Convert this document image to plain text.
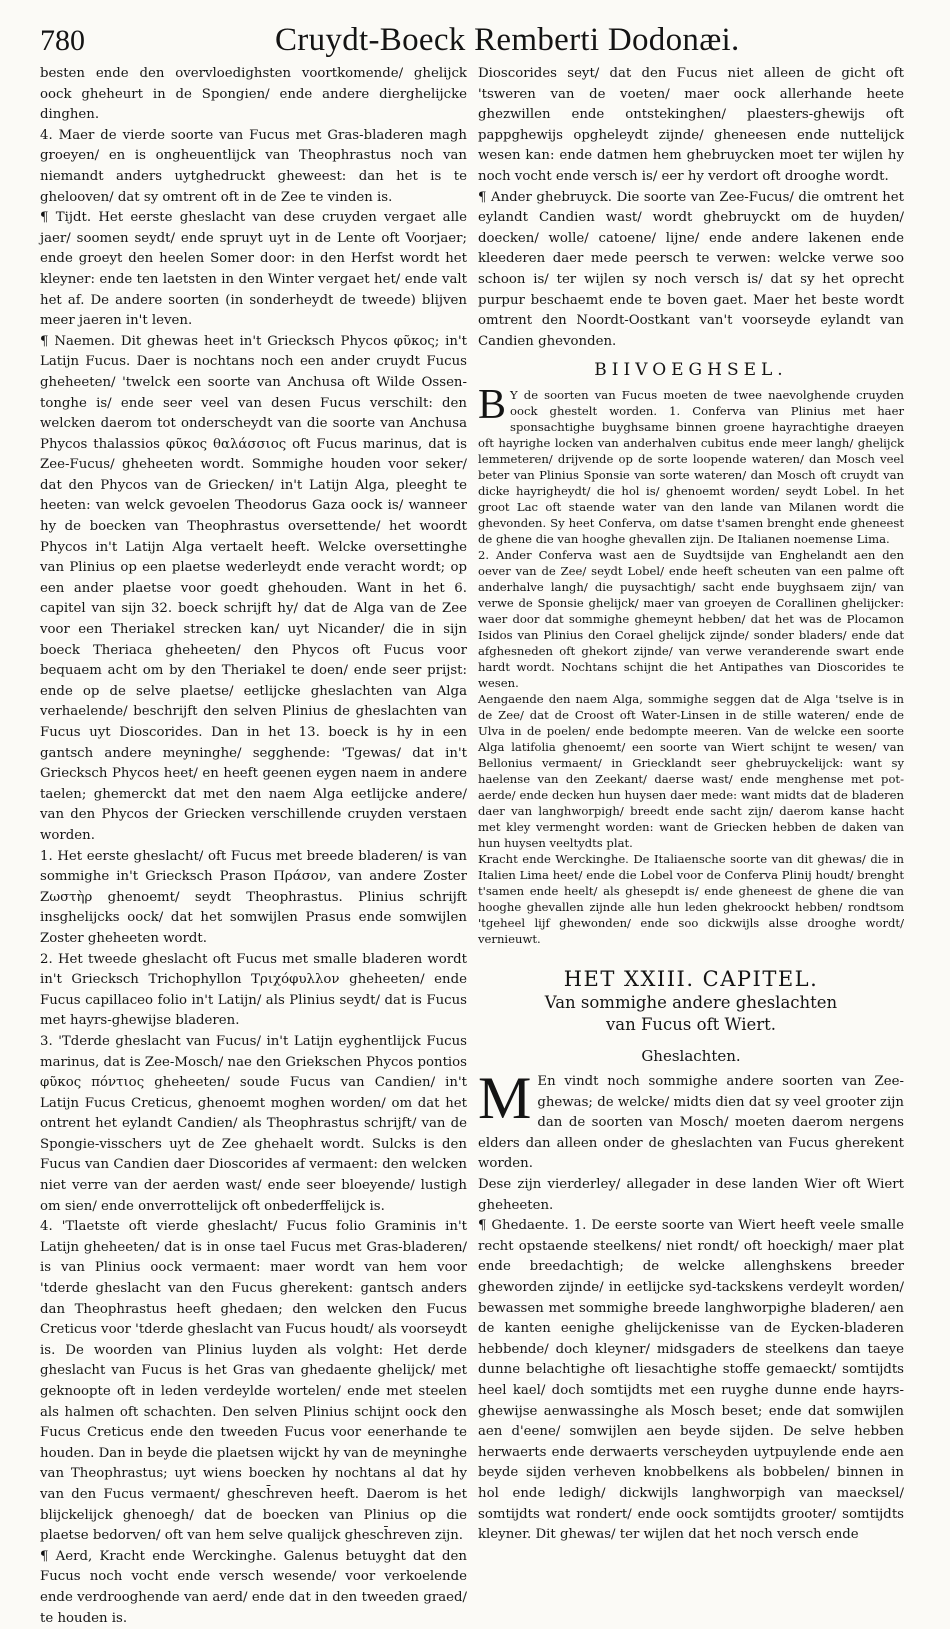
780	Cruydt-Boeck Remberti Dodonæi.

besten ende den overvloedighsten voortkomende/ ghelijck oock gheheurt in de Spongien/ ende andere dierghelijcke dinghen.

4. Maer de vierde soorte van Fucus met Gras-bladeren magh groeyen/ en is ongheuentlijck van Theophrastus noch van niemandt anders uytghedruckt gheweest: dan het is te ghelooven/ dat sy omtrent oft in de Zee te vinden is.

¶ Tijdt. Het eerste gheslacht van dese cruyden vergaet alle jaer/ soomen seydt/ ende spruyt uyt in de Lente oft Voorjaer; ende groeyt den heelen Somer door: in den Herfst wordt het kleyner: ende ten laetsten in den Winter vergaet het/ ende valt het af. De andere soorten (in sonderheydt de tweede) blijven meer jaeren in't leven.

¶ Naemen. Dit ghewas heet in't Griecksch Phycos φῦκος; in't Latijn Fucus. Daer is nochtans noch een ander cruydt Fucus gheheeten/ 'twelck een soorte van Anchusa oft Wilde Ossen-tonghe is/ ende seer veel van desen Fucus verschilt: den welcken daerom tot onderscheydt van die soorte van Anchusa Phycos thalassios φῦκος θαλάσσιος oft Fucus marinus, dat is Zee-Fucus/ gheheeten wordt. Sommighe houden voor seker/ dat den Phycos van de Griecken/ in't Latijn Alga, pleeght te heeten: van welck gevoelen Theodorus Gaza oock is/ wanneer hy de boecken van Theophrastus oversettende/ het woordt Phycos in't Latijn Alga vertaelt heeft. Welcke oversettinghe van Plinius op een plaetse wederleydt ende veracht wordt; op een ander plaetse voor goedt ghehouden. Want in het 6. capitel van sijn 32. boeck schrijft hy/ dat de Alga van de Zee voor een Theriakel strecken kan/ uyt Nicander/ die in sijn boeck Theriaca gheheeten/ den Phycos oft Fucus voor bequaem acht om by den Theriakel te doen/ ende seer prijst: ende op de selve plaetse/ eetlijcke gheslachten van Alga verhaelende/ beschrijft den selven Plinius de gheslachten van Fucus uyt Dioscorides. Dan in het 13. boeck is hy in een gantsch andere meyninghe/ segghende: 'Tgewas/ dat in't Griecksch Phycos heet/ en heeft geenen eygen naem in andere taelen; ghemerckt dat met den naem Alga eetlijcke andere/ van den Phycos der Griecken verschillende cruyden verstaen worden.

1. Het eerste gheslacht/ oft Fucus met breede bladeren/ is van sommighe in't Griecksch Prason Πράσον, van andere Zoster Ζωστὴρ ghenoemt/ seydt Theophrastus. Plinius schrijft insghelijcks oock/ dat het somwijlen Prasus ende somwijlen Zoster gheheeten wordt.

2. Het tweede gheslacht oft Fucus met smalle bladeren wordt in't Griecksch Trichophyllon Τριχόφυλλον gheheeten/ ende Fucus capillaceo folio in't Latijn/ als Plinius seydt/ dat is Fucus met hayrs-ghewijse bladeren.

3. 'Tderde gheslacht van Fucus/ in't Latijn eyghentlijck Fucus marinus, dat is Zee-Mosch/ nae den Griekschen Phycos pontios φῦκος πόντιος gheheeten/ soude Fucus van Candien/ in't Latijn Fucus Creticus, ghenoemt moghen worden/ om dat het ontrent het eylandt Candien/ als Theophrastus schrijft/ van de Spongie-visschers uyt de Zee ghehaelt wordt. Sulcks is den Fucus van Candien daer Dioscorides af vermaent: den welcken niet verre van der aerden wast/ ende seer bloeyende/ lustigh om sien/ ende onverrottelijck oft onbederffelijck is.

4. 'Tlaetste oft vierde gheslacht/ Fucus folio Graminis in't Latijn gheheeten/ dat is in onse tael Fucus met Gras-bladeren/ is van Plinius oock vermaent: maer wordt van hem voor 'tderde gheslacht van den Fucus gherekent: gantsch anders dan Theophrastus heeft ghedaen; den welcken den Fucus Creticus voor 'tderde gheslacht van Fucus houdt/ als voorseydt is. De woorden van Plinius luyden als volght: Het derde gheslacht van Fucus is het Gras van ghedaente ghelijck/ met geknoopte oft in leden verdeylde wortelen/ ende met steelen als halmen oft schachten. Den selven Plinius schijnt oock den Fucus Creticus ende den tweeden Fucus voor eenerhande te houden. Dan in beyde die plaetsen wijckt hy van de meyninghe van Theophrastus; uyt wiens boecken hy nochtans al dat hy van den Fucus vermaent/ ghesch̄reven heeft. Daerom is het blijckelijck ghenoegh/ dat de boecken van Plinius op die plaetse bedorven/ oft van hem selve qualijck ghesch̄reven zijn.

¶ Aerd, Kracht ende Werckinghe. Galenus betuyght dat den Fucus noch vocht ende versch wesende/ voor verkoelende ende verdrooghende van aerd/ ende dat in den tweeden graed/ te houden is.

Dioscorides seyt/ dat den Fucus niet alleen de gicht oft 'tsweren van de voeten/ maer oock allerhande heete ghezwillen ende ontstekinghen/ plaesters-ghewijs oft pappghewijs opgheleydt zijnde/ gheneesen ende nuttelijck wesen kan: ende datmen hem ghebruycken moet ter wijlen hy noch vocht ende versch is/ eer hy verdort oft drooghe wordt.

¶ Ander ghebruyck. Die soorte van Zee-Fucus/ die omtrent het eylandt Candien wast/ wordt ghebruyckt om de huyden/ doecken/ wolle/ catoene/ lijne/ ende andere lakenen ende kleederen daer mede peersch te verwen: welcke verwe soo schoon is/ ter wijlen sy noch versch is/ dat sy het oprecht purpur beschaemt ende te boven gaet. Maer het beste wordt omtrent den Noordt-Oostkant van't voorseyde eylandt van Candien ghevonden.

BIIVOEGHSEL.

B Y de soorten van Fucus moeten de twee naevolghende cruyden oock ghestelt worden. 1. Conferva van Plinius met haer sponsachtighe buyghsame binnen groene hayrachtighe draeyen oft hayrighe locken van anderhalven cubitus ende meer langh/ ghelijck lemmeteren/ drijvende op de sorte loopende wateren/ dan Mosch veel beter van Plinius Sponsie van sorte wateren/ dan Mosch oft cruydt van dicke hayrigheydt/ die hol is/ ghenoemt worden/ seydt Lobel. In het groot Lac oft staende water van den lande van Milanen wordt die ghevonden. Sy heet Conferva, om datse t'samen brenght ende gheneest de ghene die van hooghe ghevallen zijn. De Italianen noemense Lima.

2. Ander Conferva wast aen de Suydtsijde van Enghelandt aen den oever van de Zee/ seydt Lobel/ ende heeft scheuten van een palme oft anderhalve langh/ die puysachtigh/ sacht ende buyghsaem zijn/ van verwe de Sponsie ghelijck/ maer van groeyen de Corallinen ghelijcker: waer door dat sommighe ghemeynt hebben/ dat het was de Plocamon Isidos van Plinius den Corael ghelijck zijnde/ sonder bladers/ ende dat afghesneden oft ghekort zijnde/ van verwe veranderende swart ende hardt wordt. Nochtans schijnt die het Antipathes van Dioscorides te wesen.

Aengaende den naem Alga, sommighe seggen dat de Alga 'tselve is in de Zee/ dat de Croost oft Water-Linsen in de stille wateren/ ende de Ulva in de poelen/ ende bedompte meeren. Van de welcke een soorte Alga latifolia ghenoemt/ een soorte van Wiert schijnt te wesen/ van Bellonius vermaent/ in Griecklandt seer ghebruyckelijck: want sy haelense van den Zeekant/ daerse wast/ ende menghense met pot-aerde/ ende decken hun huysen daer mede: want midts dat de bladeren daer van langhworpigh/ breedt ende sacht zijn/ daerom kanse hacht met kley vermenght worden: want de Griecken hebben de daken van hun huysen veeltydts plat.

Kracht ende Werckinghe. De Italiaensche soorte van dit ghewas/ die in Italien Lima heet/ ende die Lobel voor de Conferva Plinij houdt/ brenght t'samen ende heelt/ als ghesepdt is/ ende gheneest de ghene die van hooghe ghevallen zijnde alle hun leden ghekroockt hebben/ rondtsom 'tgeheel lijf ghewonden/ ende soo dickwijls alsse drooghe wordt/ vernieuwt.

HET XXIII. CAPITEL.
Van sommighe andere gheslachten
van Fucus oft Wiert.
Gheslachten.

M En vindt noch sommighe andere soorten van Zee-ghewas; de welcke/ midts dien dat sy veel grooter zijn dan de soorten van Mosch/ moeten daerom nergens elders dan alleen onder de gheslachten van Fucus gherekent worden.

Dese zijn vierderley/ allegader in dese landen Wier oft Wiert gheheeten.

¶ Ghedaente. 1. De eerste soorte van Wiert heeft veele smalle recht opstaende steelkens/ niet rondt/ oft hoeckigh/ maer plat ende breedachtigh; de welcke allenghskens breeder gheworden zijnde/ in eetlijcke syd-tackskens verdeylt worden/ bewassen met sommighe breede langhworpighe bladeren/ aen de kanten eenighe ghelijckenisse van de Eycken-bladeren hebbende/ doch kleyner/ midsgaders de steelkens dan taeye dunne belachtighe oft liesachtighe stoffe gemaeckt/ somtijdts heel kael/ doch somtijdts met een ruyghe dunne ende hayrs-ghewijse aenwassinghe als Mosch beset; ende dat somwijlen aen d'eene/ somwijlen aen beyde sijden. De selve hebben herwaerts ende derwaerts verscheyden uytpuylende ende aen beyde sijden verheven knobbelkens als bobbelen/ binnen in hol ende ledigh/ dickwijls langhworpigh van maecksel/ somtijdts wat rondert/ ende oock somtijdts grooter/ somtijdts kleyner. Dit ghewas/ ter wijlen dat het noch versch ende
